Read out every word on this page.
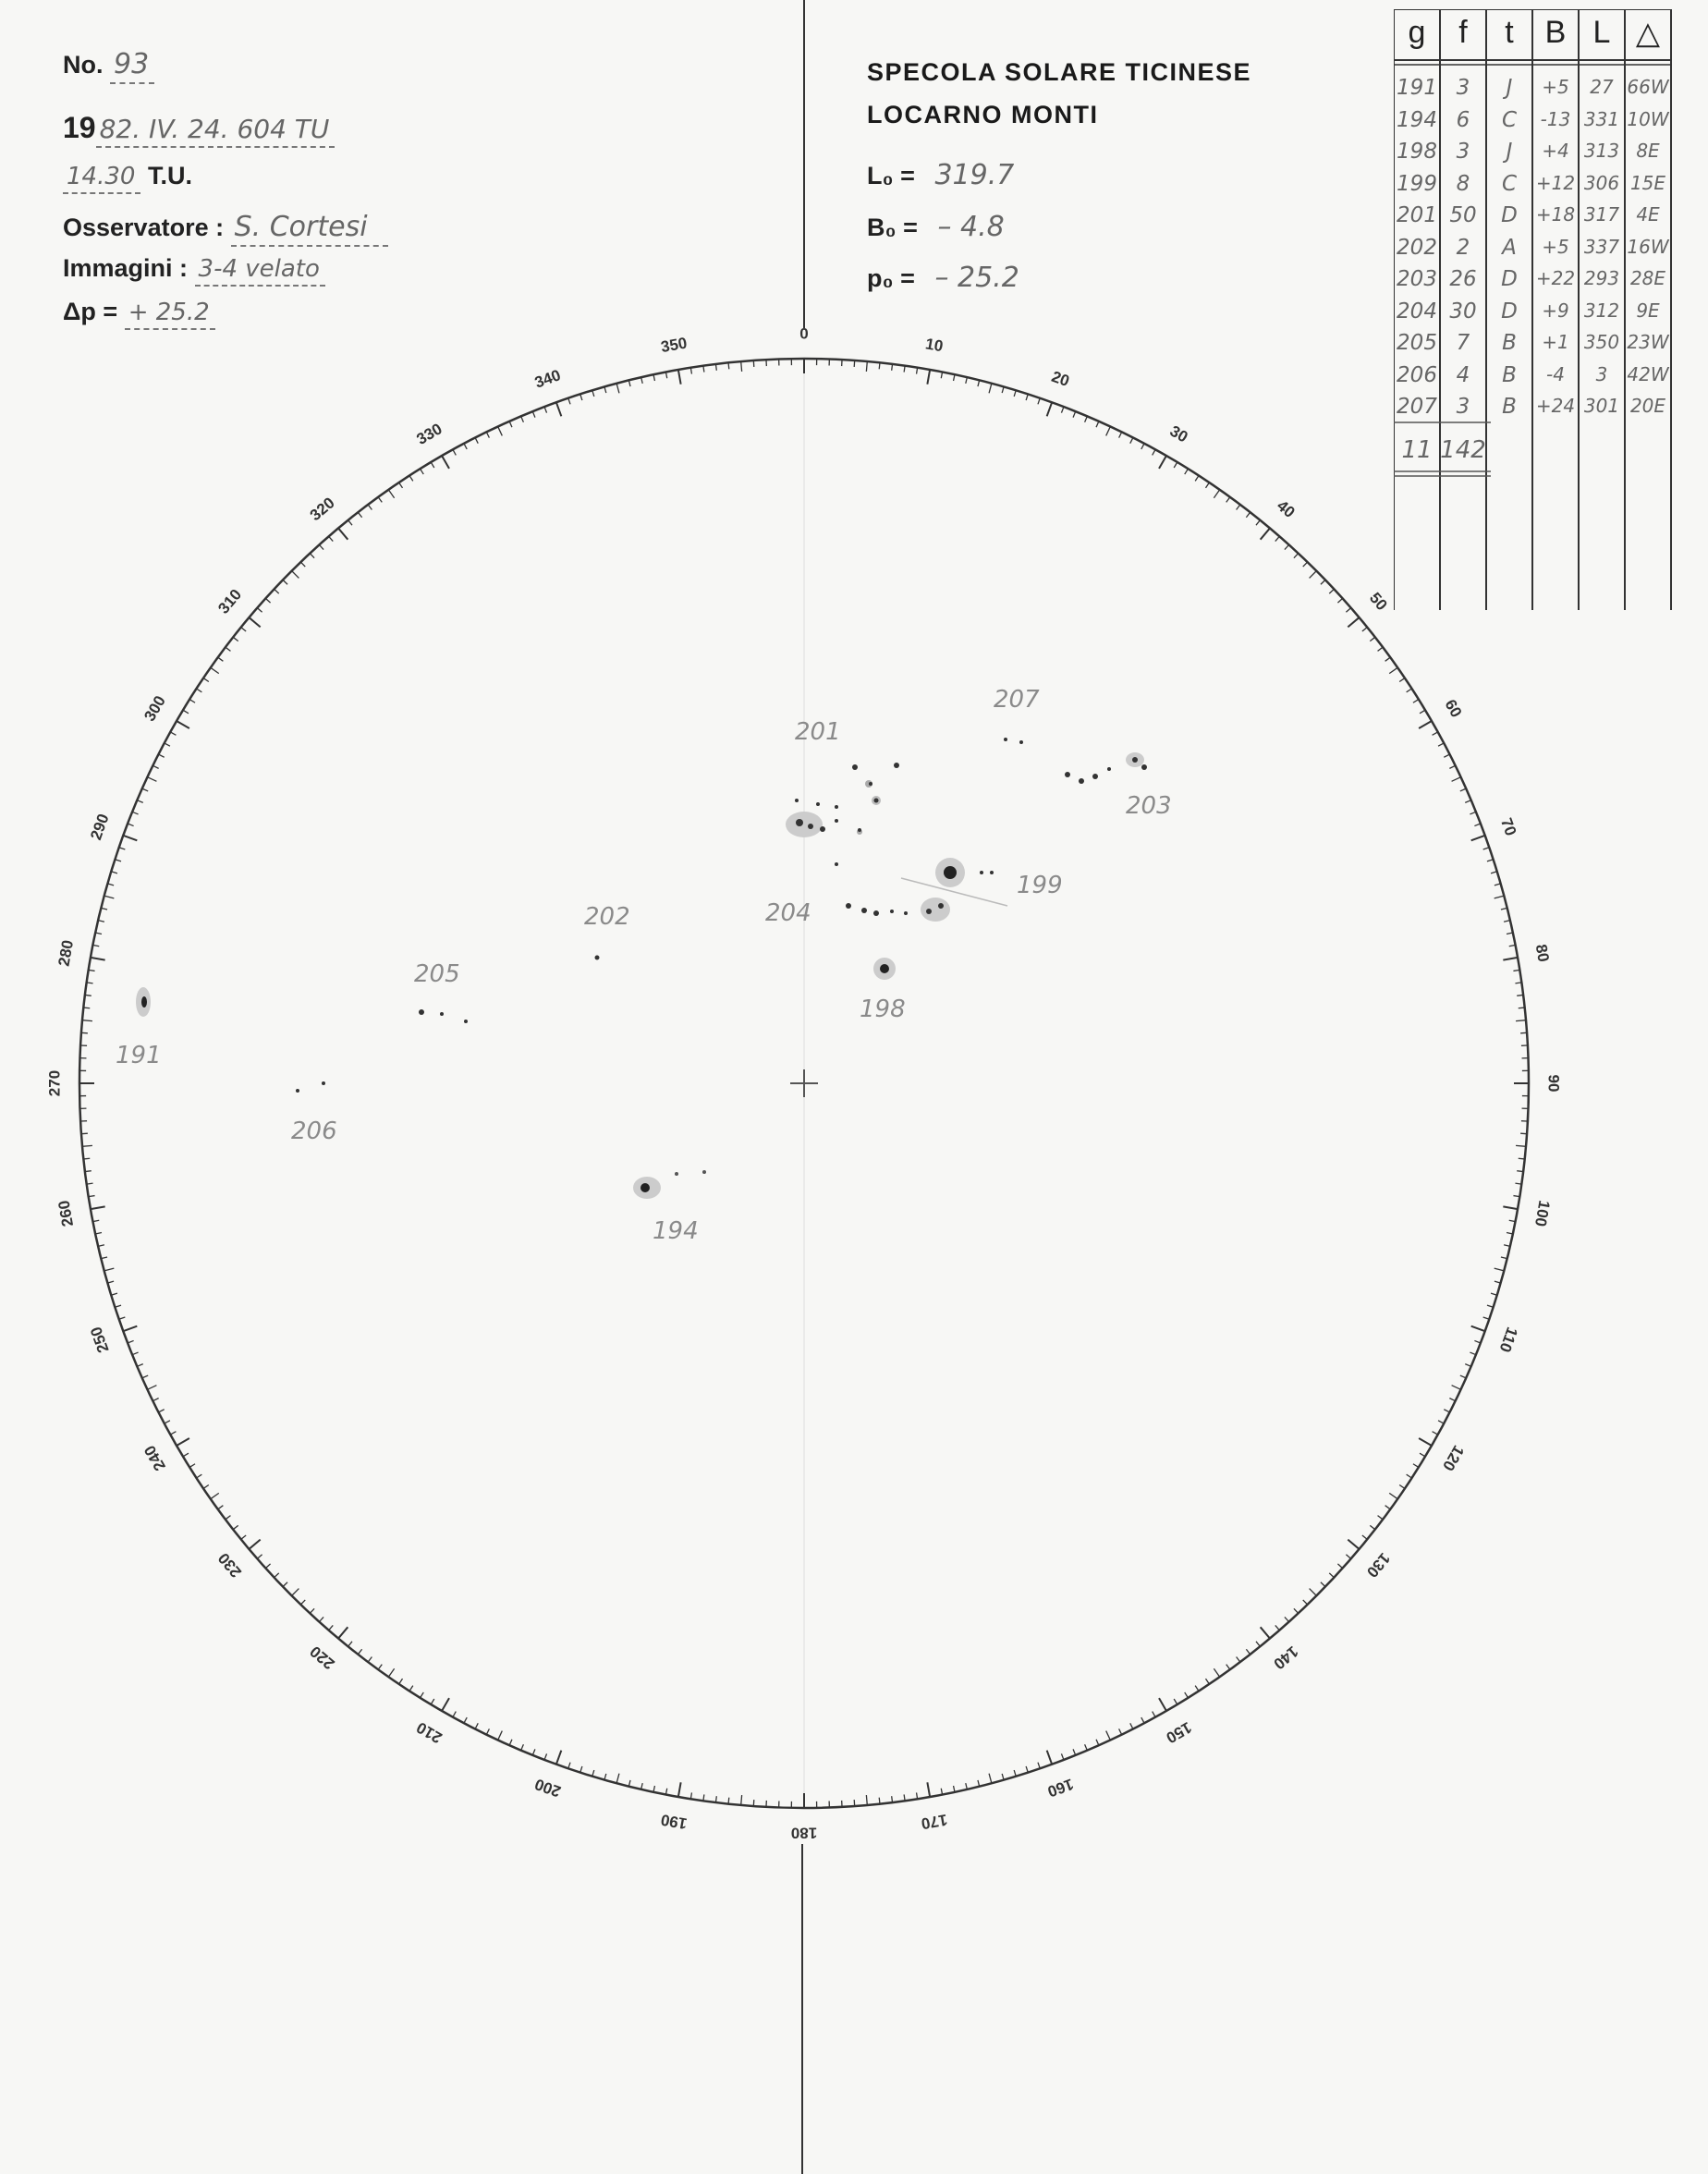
No. 93
19 82. IV. 24. 604 TU
14.30 T.U.
Osservatore : S. Cortesi
Immagini : 3-4 velato
Δp = + 25.2
SPECOLA SOLARE TICINESE
LOCARNO MONTI
L₀ = 319.7
B₀ = – 4.8
p₀ = – 25.2
0
10
20
30
40
50
60
70
80
90
100
110
120
130
140
150
160
170
180
190
200
210
220
230
240
250
260
270
280
290
300
310
320
330
340
350
201
207
203
199
204
202
205
198
191
206
194
g	f	t B L △
191 3	J	+5	27 66W
194 6	C	-13 331 10W
198 3	J	+4 313 8E
199 8	C	+12 306 15E
201 50	D	+18 317 4E
202 2	A	+5 337 16W
203 26	D	+22 293 28E
204 30	D	+9 312 9E
205 7	B	+1 350 23W
206 4	B	-4	3	42W
207 3	B	+24 301 20E
11 142
